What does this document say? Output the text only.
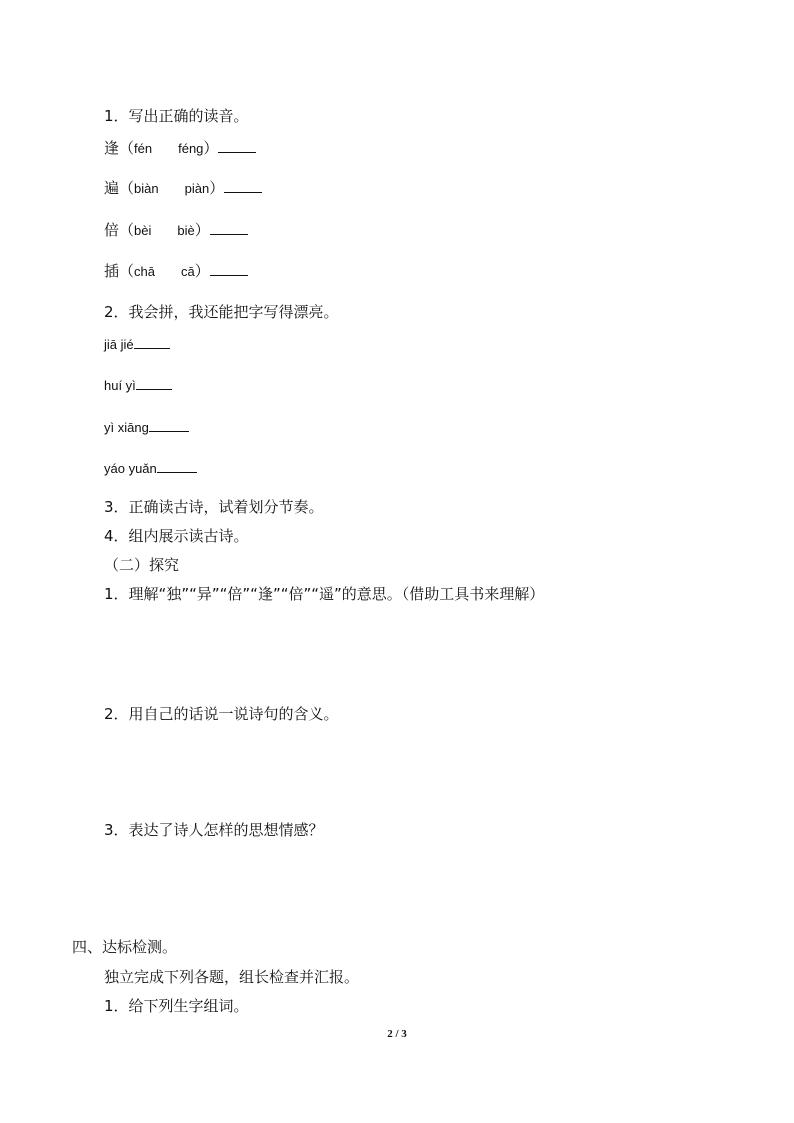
1．写出正确的读音。
逢（fén féng）
遍（biàn piàn）
倍（bèi biè）
插（chā cā）
2．我会拼，我还能把字写得漂亮。
jiā jié
huí yì
yì xiāng
yáo yuǎn
3．正确读古诗，试着划分节奏。
4．组内展示读古诗。
（二）探究
1．理解“独”“异”“倍”“逢”“倍”“遥”的意思。（借助工具书来理解）
2．用自己的话说一说诗句的含义。
3．表达了诗人怎样的思想情感？
四、达标检测。
独立完成下列各题，组长检查并汇报。
1．给下列生字组词。
2 / 3
